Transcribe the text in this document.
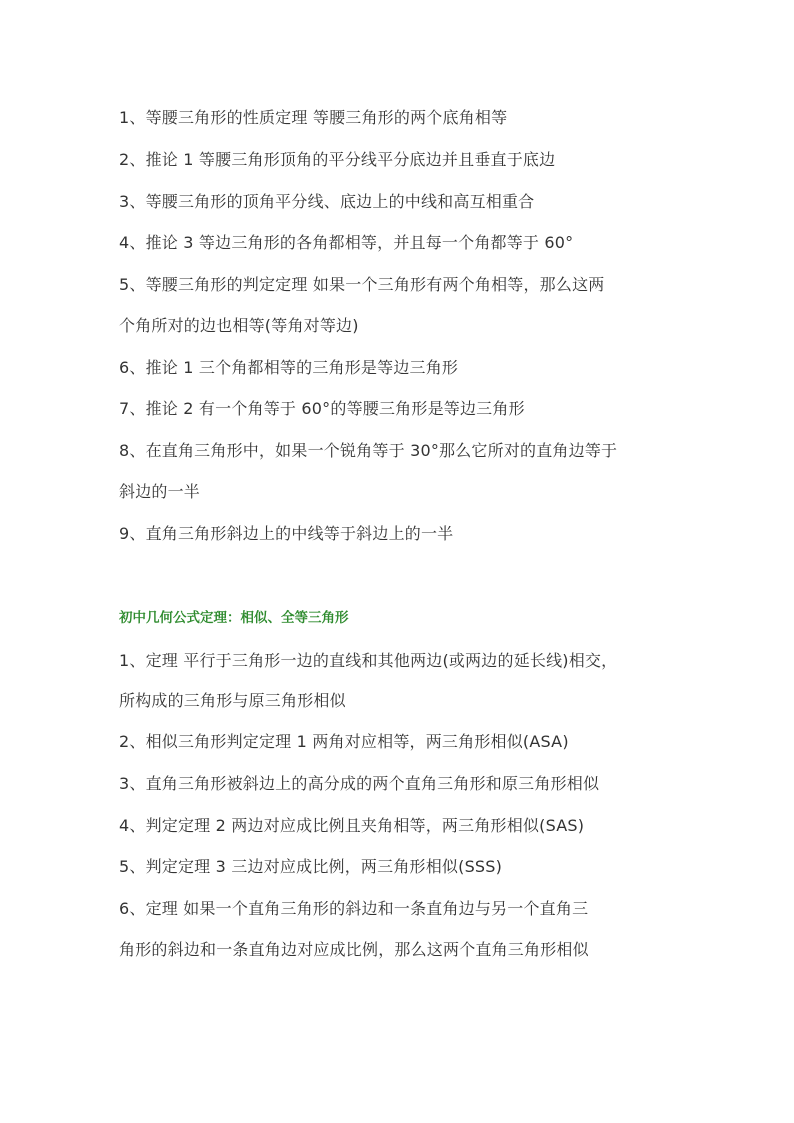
1、等腰三角形的性质定理 等腰三角形的两个底角相等
2、推论 1 等腰三角形顶角的平分线平分底边并且垂直于底边
3、等腰三角形的顶角平分线、底边上的中线和高互相重合
4、推论 3 等边三角形的各角都相等，并且每一个角都等于 60°
5、等腰三角形的判定定理 如果一个三角形有两个角相等，那么这两
个角所对的边也相等(等角对等边)
6、推论 1 三个角都相等的三角形是等边三角形
7、推论 2 有一个角等于 60°的等腰三角形是等边三角形
8、在直角三角形中，如果一个锐角等于 30°那么它所对的直角边等于
斜边的一半
9、直角三角形斜边上的中线等于斜边上的一半
初中几何公式定理：相似、全等三角形
1、定理 平行于三角形一边的直线和其他两边(或两边的延长线)相交，
所构成的三角形与原三角形相似
2、相似三角形判定定理 1 两角对应相等，两三角形相似(ASA)
3、直角三角形被斜边上的高分成的两个直角三角形和原三角形相似
4、判定定理 2 两边对应成比例且夹角相等，两三角形相似(SAS)
5、判定定理 3 三边对应成比例，两三角形相似(SSS)
6、定理 如果一个直角三角形的斜边和一条直角边与另一个直角三
角形的斜边和一条直角边对应成比例，那么这两个直角三角形相似
